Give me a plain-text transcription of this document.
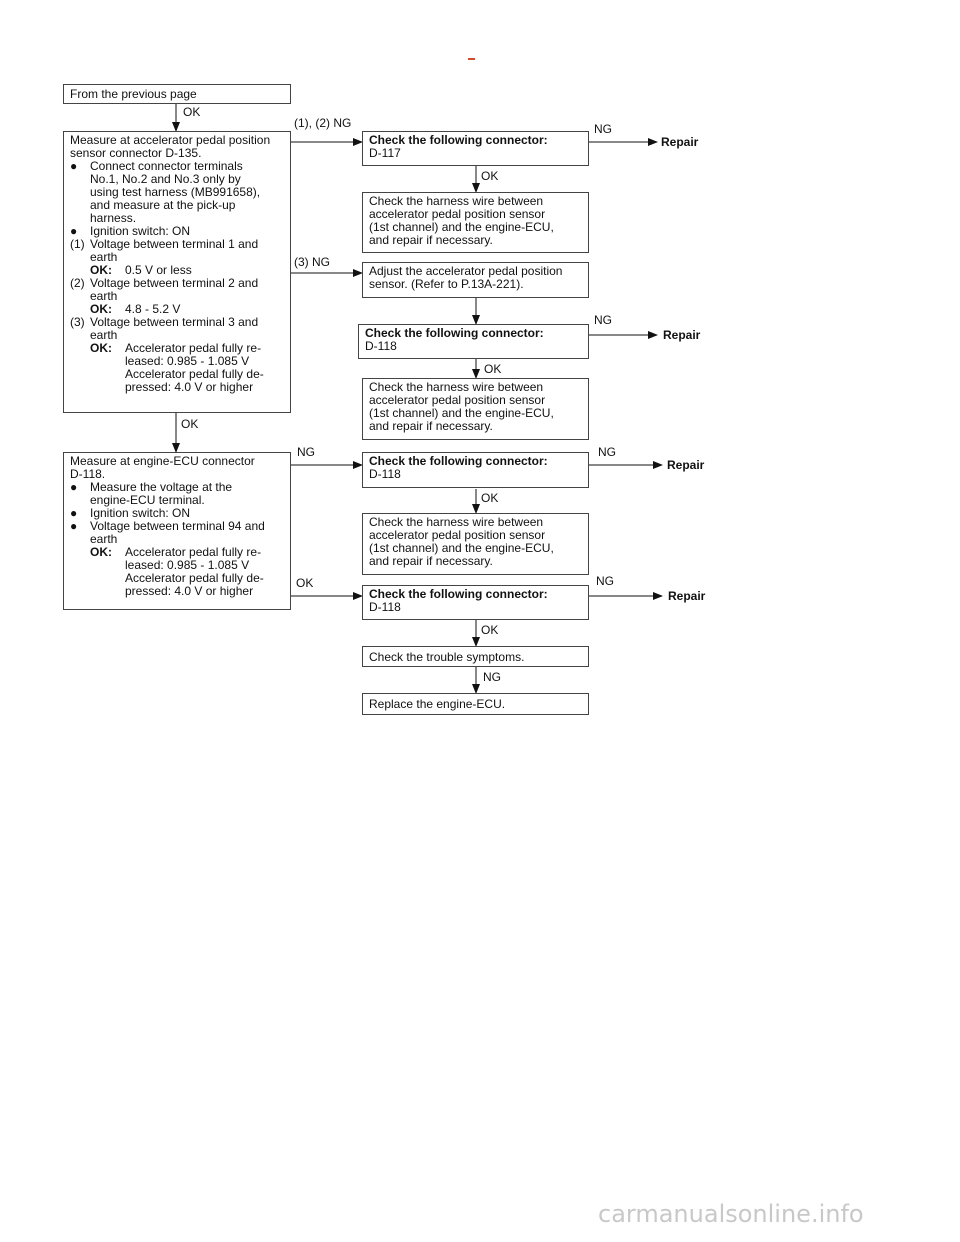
From the previous page
Measure at accelerator pedal position
sensor connector D-135.
●	Connect connector terminals
No.1, No.2 and No.3 only by
using test harness (MB991658),
and measure at the pick-up
harness.
●	Ignition switch: ON
(1) Voltage between terminal 1 and
earth
OK:	0.5 V or less
(2) Voltage between terminal 2 and
earth
OK:	4.8 - 5.2 V
(3) Voltage between terminal 3 and
earth
OK:	Accelerator pedal fully re-
leased: 0.985 - 1.085 V
Accelerator pedal fully de-
pressed: 4.0 V or higher
Check the following connector:
D-117
Check the harness wire between
accelerator pedal position sensor
(1st channel) and the engine-ECU,
and repair if necessary.
Adjust the accelerator pedal position
sensor. (Refer to P.13A-221).
Check the following connector:
D-118
Check the harness wire between
accelerator pedal position sensor
(1st channel) and the engine-ECU,
and repair if necessary.
Measure at engine-ECU connector
D-118.
●	Measure the voltage at the
engine-ECU terminal.
●	Ignition switch: ON
●	Voltage between terminal 94 and
earth
OK:	Accelerator pedal fully re-
leased: 0.985 - 1.085 V
Accelerator pedal fully de-
pressed: 4.0 V or higher
Check the following connector:
D-118
Check the harness wire between
accelerator pedal position sensor
(1st channel) and the engine-ECU,
and repair if necessary.
Check the following connector:
D-118
Check the trouble symptoms.
Replace the engine-ECU.
OK
(1), (2) NG	NG
OK
(3) NG
NG
OK
OK
NG	NG
OK
OK	NG
OK
NG
Repair
Repair
Repair
Repair
carmanualsonline.info
